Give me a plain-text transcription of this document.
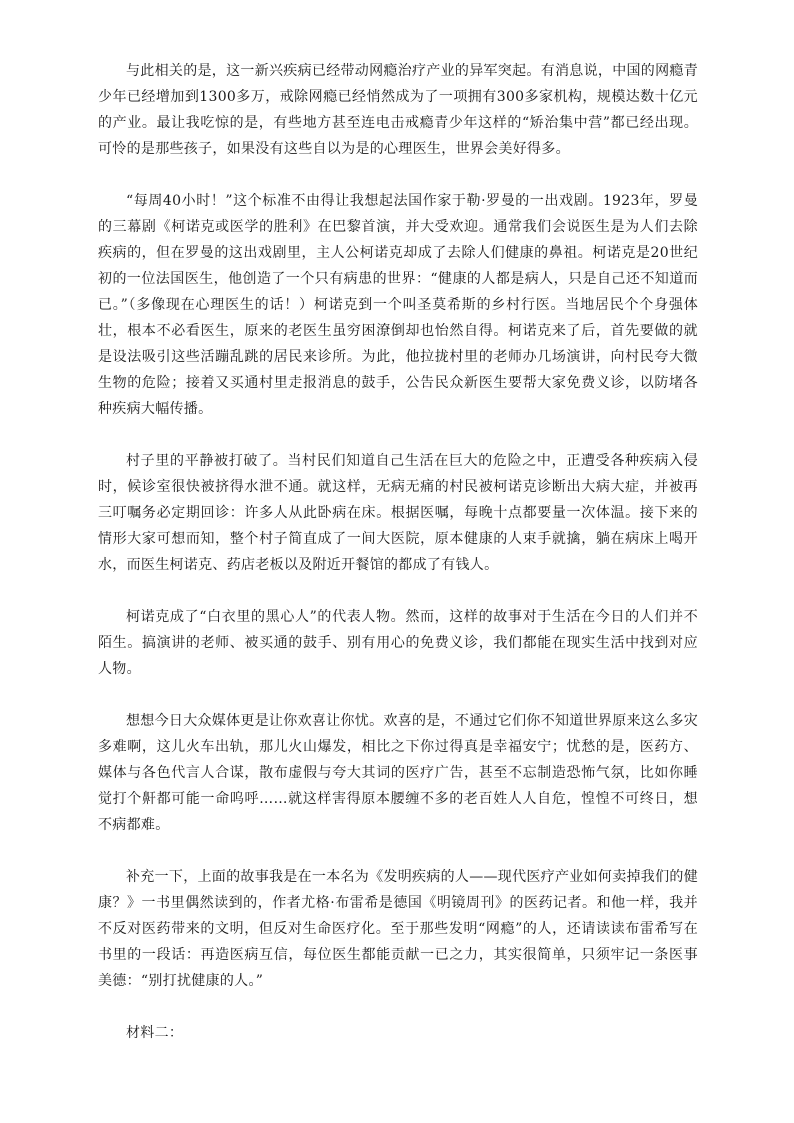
与此相关的是，这一新兴疾病已经带动网瘾治疗产业的异军突起。有消息说，中国的网瘾青少年已经增加到1300多万，戒除网瘾已经悄然成为了一项拥有300多家机构，规模达数十亿元的产业。最让我吃惊的是，有些地方甚至连电击戒瘾青少年这样的“矫治集中营”都已经出现。可怜的是那些孩子，如果没有这些自以为是的心理医生，世界会美好得多。

“每周40小时！”这个标准不由得让我想起法国作家于勒·罗曼的一出戏剧。1923年，罗曼的三幕剧《柯诺克或医学的胜利》在巴黎首演，并大受欢迎。通常我们会说医生是为人们去除疾病的，但在罗曼的这出戏剧里，主人公柯诺克却成了去除人们健康的鼻祖。柯诺克是20世纪初的一位法国医生，他创造了一个只有病患的世界：“健康的人都是病人，只是自己还不知道而已。”（多像现在心理医生的话！）柯诺克到一个叫圣莫希斯的乡村行医。当地居民个个身强体壮，根本不必看医生，原来的老医生虽穷困潦倒却也怡然自得。柯诺克来了后，首先要做的就是设法吸引这些活蹦乱跳的居民来诊所。为此，他拉拢村里的老师办几场演讲，向村民夸大微生物的危险；接着又买通村里走报消息的鼓手，公告民众新医生要帮大家免费义诊，以防堵各种疾病大幅传播。

村子里的平静被打破了。当村民们知道自己生活在巨大的危险之中，正遭受各种疾病入侵时，候诊室很快被挤得水泄不通。就这样，无病无痛的村民被柯诺克诊断出大病大症，并被再三叮嘱务必定期回诊：许多人从此卧病在床。根据医嘱，每晚十点都要量一次体温。接下来的情形大家可想而知，整个村子简直成了一间大医院，原本健康的人束手就擒，躺在病床上喝开水，而医生柯诺克、药店老板以及附近开餐馆的都成了有钱人。

柯诺克成了“白衣里的黑心人”的代表人物。然而，这样的故事对于生活在今日的人们并不陌生。搞演讲的老师、被买通的鼓手、别有用心的免费义诊，我们都能在现实生活中找到对应人物。

想想今日大众媒体更是让你欢喜让你忧。欢喜的是，不通过它们你不知道世界原来这么多灾多难啊，这儿火车出轨，那儿火山爆发，相比之下你过得真是幸福安宁；忧愁的是，医药方、媒体与各色代言人合谋，散布虚假与夸大其词的医疗广告，甚至不忘制造恐怖气氛，比如你睡觉打个鼾都可能一命呜呼……就这样害得原本腰缠不多的老百姓人人自危，惶惶不可终日，想不病都难。

补充一下，上面的故事我是在一本名为《发明疾病的人——现代医疗产业如何卖掉我们的健康？》一书里偶然读到的，作者尤格·布雷希是德国《明镜周刊》的医药记者。和他一样，我并不反对医药带来的文明，但反对生命医疗化。至于那些发明“网瘾”的人，还请读读布雷希写在书里的一段话：再造医病互信，每位医生都能贡献一已之力，其实很简单，只须牢记一条医事美德：“别打扰健康的人。”

材料二：
